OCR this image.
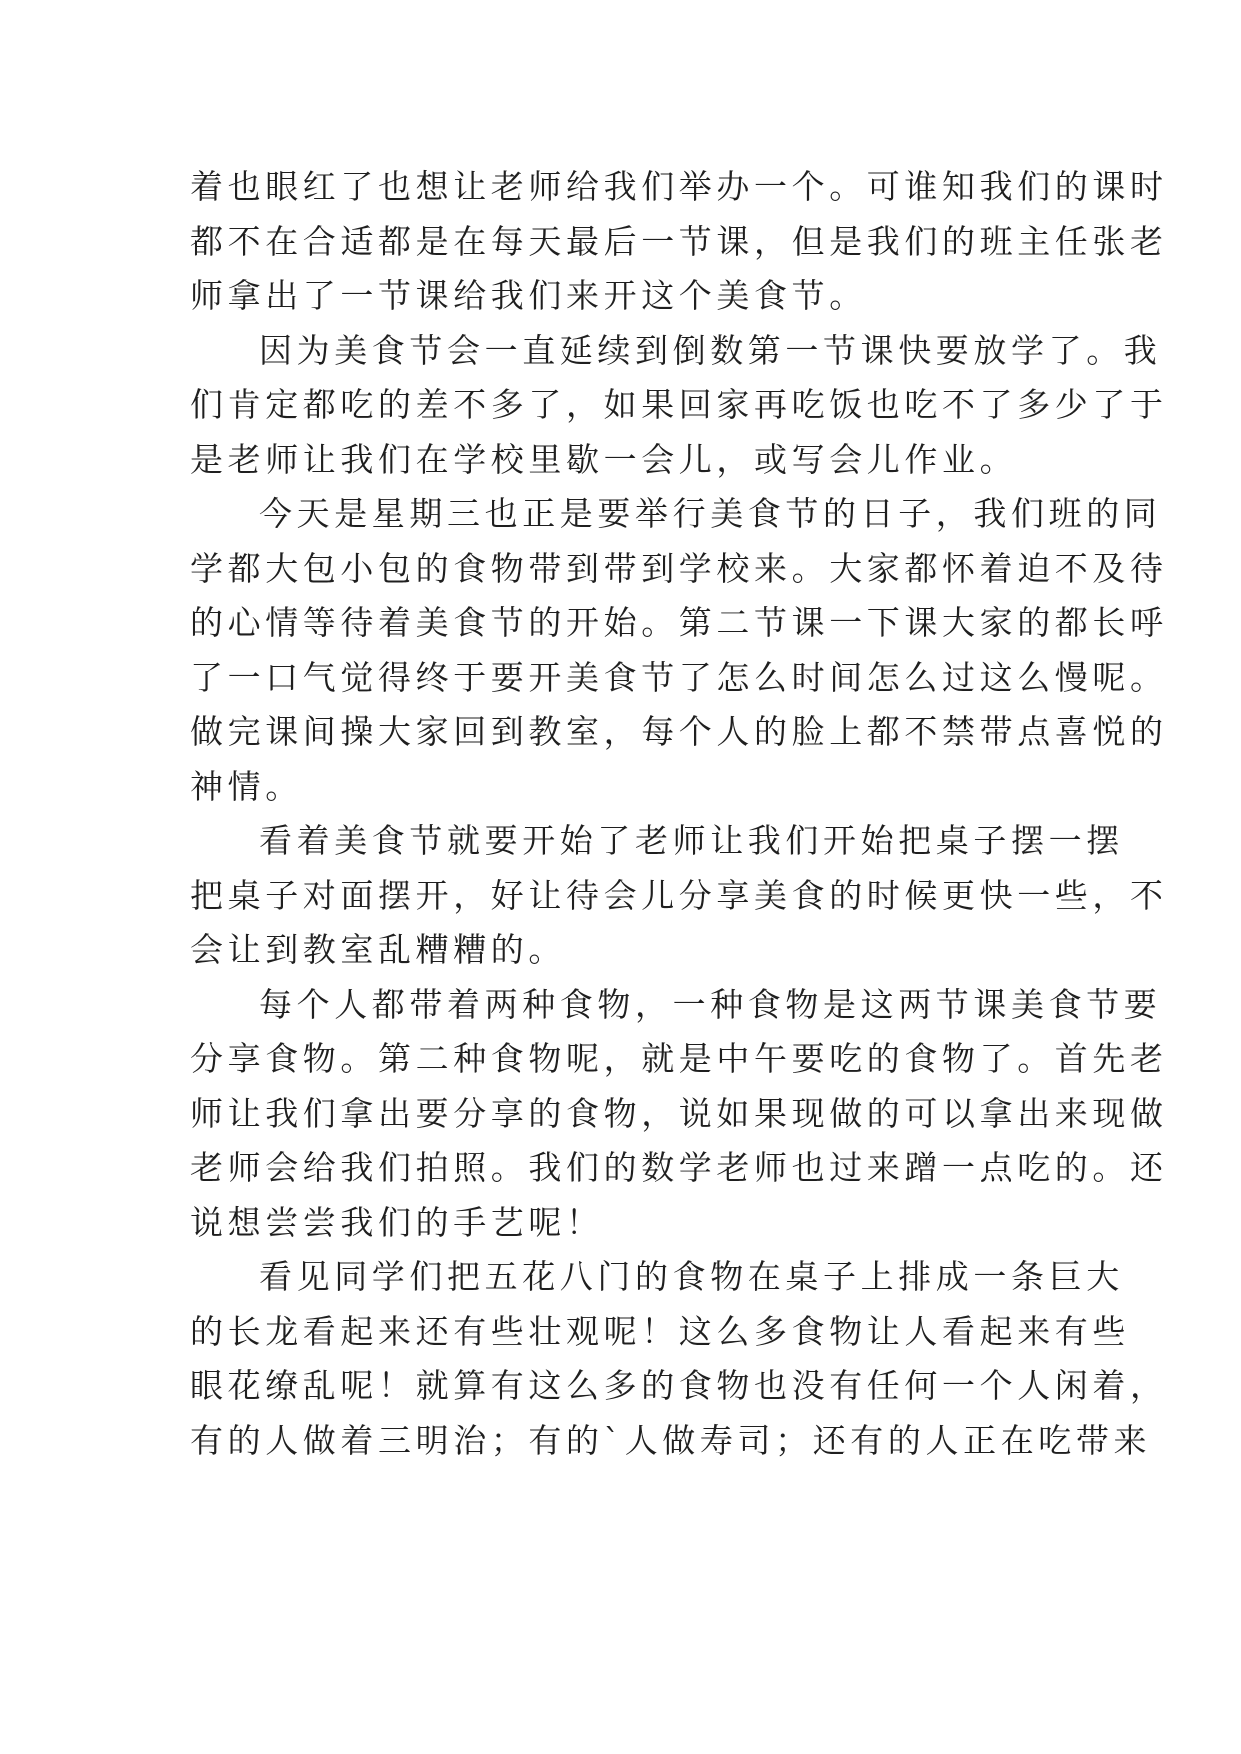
着也眼红了也想让老师给我们举办一个。可谁知我们的课时
都不在合适都是在每天最后一节课，但是我们的班主任张老
师拿出了一节课给我们来开这个美食节。
因为美食节会一直延续到倒数第一节课快要放学了。我
们肯定都吃的差不多了，如果回家再吃饭也吃不了多少了于
是老师让我们在学校里歇一会儿，或写会儿作业。
今天是星期三也正是要举行美食节的日子，我们班的同
学都大包小包的食物带到带到学校来。大家都怀着迫不及待
的心情等待着美食节的开始。第二节课一下课大家的都长呼
了一口气觉得终于要开美食节了怎么时间怎么过这么慢呢。
做完课间操大家回到教室，每个人的脸上都不禁带点喜悦的
神情。
看着美食节就要开始了老师让我们开始把桌子摆一摆
把桌子对面摆开，好让待会儿分享美食的时候更快一些，不
会让到教室乱糟糟的。
每个人都带着两种食物，一种食物是这两节课美食节要
分享食物。第二种食物呢，就是中午要吃的食物了。首先老
师让我们拿出要分享的食物，说如果现做的可以拿出来现做
老师会给我们拍照。我们的数学老师也过来蹭一点吃的。还
说想尝尝我们的手艺呢！
看见同学们把五花八门的食物在桌子上排成一条巨大
的长龙看起来还有些壮观呢！这么多食物让人看起来有些
眼花缭乱呢！就算有这么多的食物也没有任何一个人闲着，
有的人做着三明治；有的`人做寿司；还有的人正在吃带来
